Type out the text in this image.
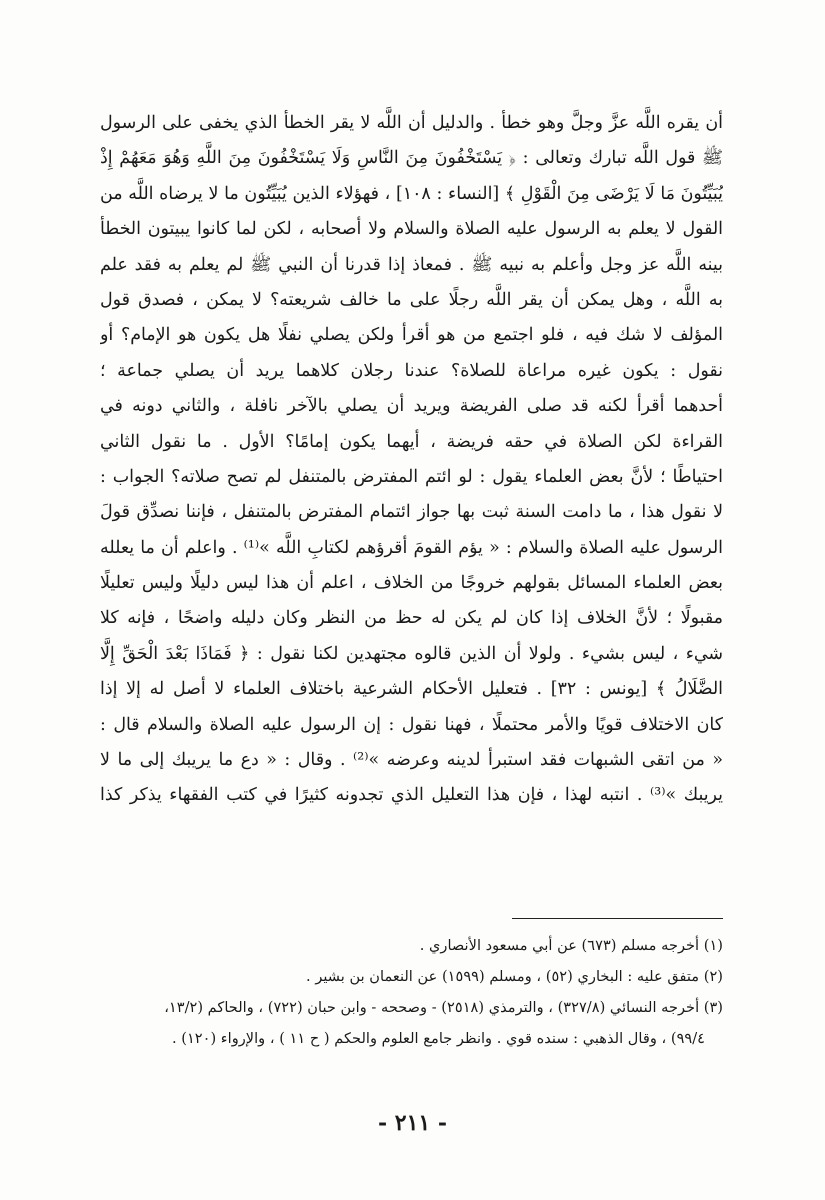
أن يقره اللَّه عزَّ وجلَّ وهو خطأ . والدليل أن اللَّه لا يقر الخطأ الذي يخفى على الرسول
ﷺ قول اللَّه تبارك وتعالى : ﴿ يَسْتَخْفُونَ مِنَ النَّاسِ وَلَا يَسْتَخْفُونَ مِنَ اللَّهِ وَهُوَ مَعَهُمْ إِذْ
يُبَيِّتُونَ مَا لَا يَرْضَى مِنَ الْقَوْلِ ﴾ [النساء : ١٠٨] ، فهؤلاء الذين يُبَيِّتُون ما لا يرضاه اللَّه من
القول لا يعلم به الرسول عليه الصلاة والسلام ولا أصحابه ، لكن لما كانوا يبيتون الخطأ
بينه اللَّه عز وجل وأعلم به نبيه ﷺ . فمعاذ إذا قدرنا أن النبي ﷺ لم يعلم به فقد علم
به اللَّه ، وهل يمكن أن يقر اللَّه رجلًا على ما خالف شريعته؟ لا يمكن ، فصدق قول
المؤلف لا شك فيه ، فلو اجتمع من هو أقرأ ولكن يصلي نفلًا هل يكون هو الإمام؟ أو
نقول : يكون غيره مراعاة للصلاة؟ عندنا رجلان كلاهما يريد أن يصلي جماعة ؛
أحدهما أقرأ لكنه قد صلى الفريضة ويريد أن يصلي بالآخر نافلة ، والثاني دونه في
القراءة لكن الصلاة في حقه فريضة ، أيهما يكون إمامًا؟ الأول . ما نقول الثاني
احتياطًا ؛ لأنَّ بعض العلماء يقول : لو ائتم المفترض بالمتنفل لم تصح صلاته؟ الجواب :
لا نقول هذا ، ما دامت السنة ثبت بها جواز ائتمام المفترض بالمتنفل ، فإننا نصدِّق قولَ
الرسول عليه الصلاة والسلام : « يؤم القومَ أقرؤهم لكتابِ اللَّه »⁽¹⁾ . واعلم أن ما يعلله
بعض العلماء المسائل بقولهم خروجًا من الخلاف ، اعلم أن هذا ليس دليلًا وليس تعليلًا
مقبولًا ؛ لأنَّ الخلاف إذا كان لم يكن له حظ من النظر وكان دليله واضحًا ، فإنه كلا
شيء ، ليس بشيء . ولولا أن الذين قالوه مجتهدين لكنا نقول : ﴿ فَمَاذَا بَعْدَ الْحَقِّ إِلَّا
الضَّلَالُ ﴾ [يونس : ٣٢] . فتعليل الأحكام الشرعية باختلاف العلماء لا أصل له إلا إذا
كان الاختلاف قويًا والأمر محتملًا ، فهنا نقول : إن الرسول عليه الصلاة والسلام قال :
« من اتقى الشبهات فقد استبرأ لدينه وعرضه »⁽²⁾ . وقال : « دع ما يريبك إلى ما لا
يريبك »⁽³⁾ . انتبه لهذا ، فإن هذا التعليل الذي تجدونه كثيرًا في كتب الفقهاء يذكر كذا
(١) أخرجه مسلم (٦٧٣) عن أبي مسعود الأنصاري .
(٢) متفق عليه : البخاري (٥٢) ، ومسلم (١٥٩٩) عن النعمان بن بشير .
(٣) أخرجه النسائي (٣٢٧/٨) ، والترمذي (٢٥١٨) - وصححه - وابن حبان (٧٢٢) ، والحاكم (١٣/٢،
٩٩/٤) ، وقال الذهبي : سنده قوي . وانظر جامع العلوم والحكم ( ح ١١ ) ، والإرواء (١٢٠) .
- ٢١١ -
